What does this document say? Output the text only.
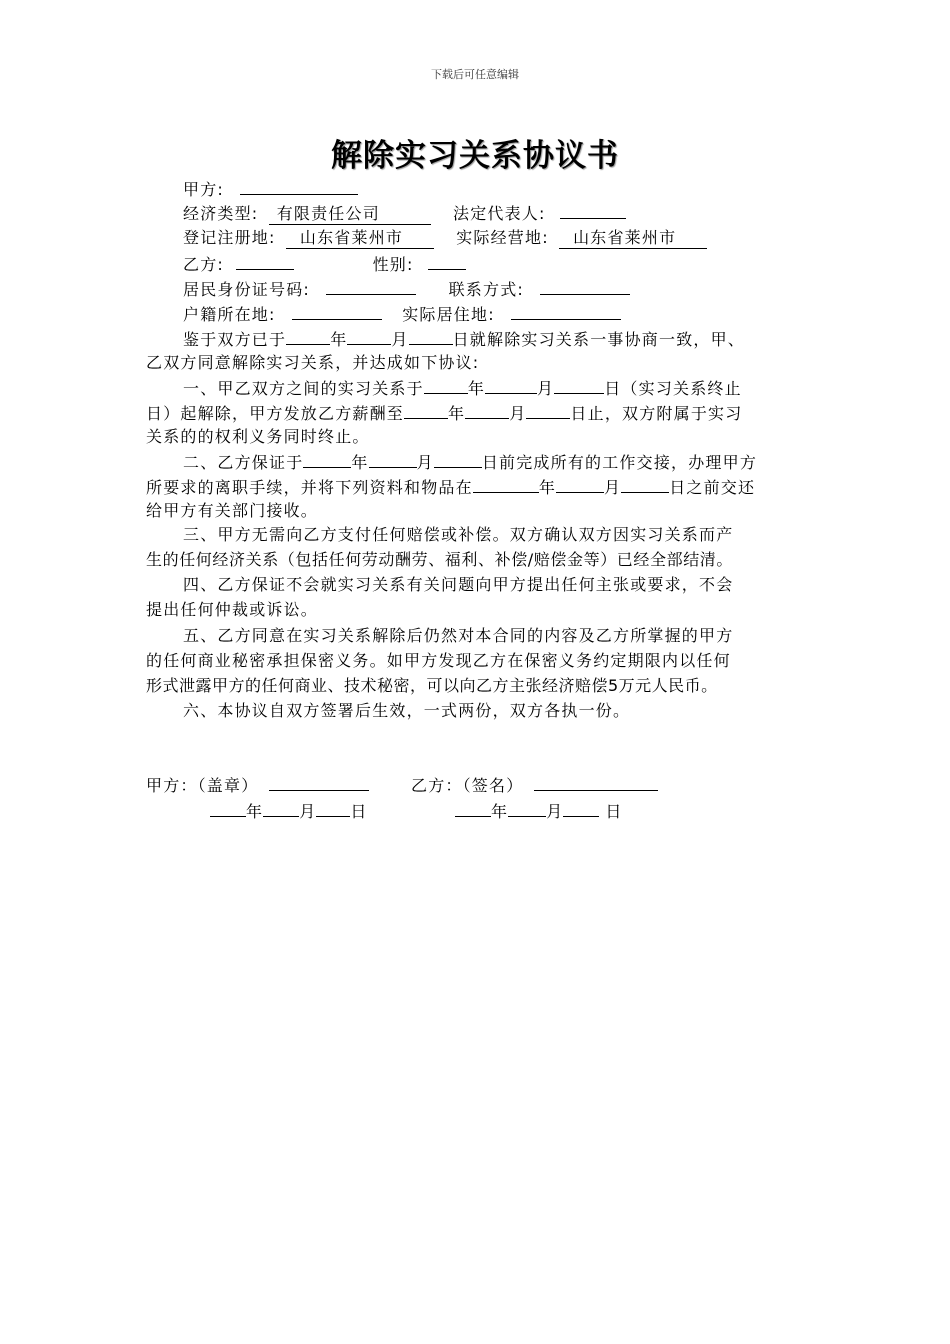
下载后可任意编辑
解除实习关系协议书
甲方:
经济类型: 有限责任公司	法定代表人:
登记注册地: 山东省莱州市	实际经营地: 山东省莱州市
乙方:	性别:
居民身份证号码:	联系方式:
户籍所在地:	实际居住地:
鉴于双方已于	年	月	日就解除实习关系一事协商一致，甲、
乙双方同意解除实习关系，并达成如下协议:
一、甲乙双方之间的实习关系于	年	月	日（实习关系终止
日）起解除，甲方发放乙方薪酬至	年	月	日止，双方附属于实习
关系的的权利义务同时终止。
二、乙方保证于	年	月	日前完成所有的工作交接，办理甲方
所要求的离职手续，并将下列资料和物品在	年	月	日之前交还
给甲方有关部门接收。
三、甲方无需向乙方支付任何赔偿或补偿。双方确认双方因实习关系而产
生的任何经济关系（包括任何劳动酬劳、福利、补偿/赔偿金等）已经全部结清。
四、乙方保证不会就实习关系有关问题向甲方提出任何主张或要求，不会
提出任何仲裁或诉讼。
五、乙方同意在实习关系解除后仍然对本合同的内容及乙方所掌握的甲方
的任何商业秘密承担保密义务。如甲方发现乙方在保密义务约定期限内以任何
形式泄露甲方的任何商业、技术秘密，可以向乙方主张经济赔偿5万元人民币。
六、本协议自双方签署后生效，一式两份，双方各执一份。
甲方：（盖章）	乙方：（签名）
年 月 日	年 月	日
